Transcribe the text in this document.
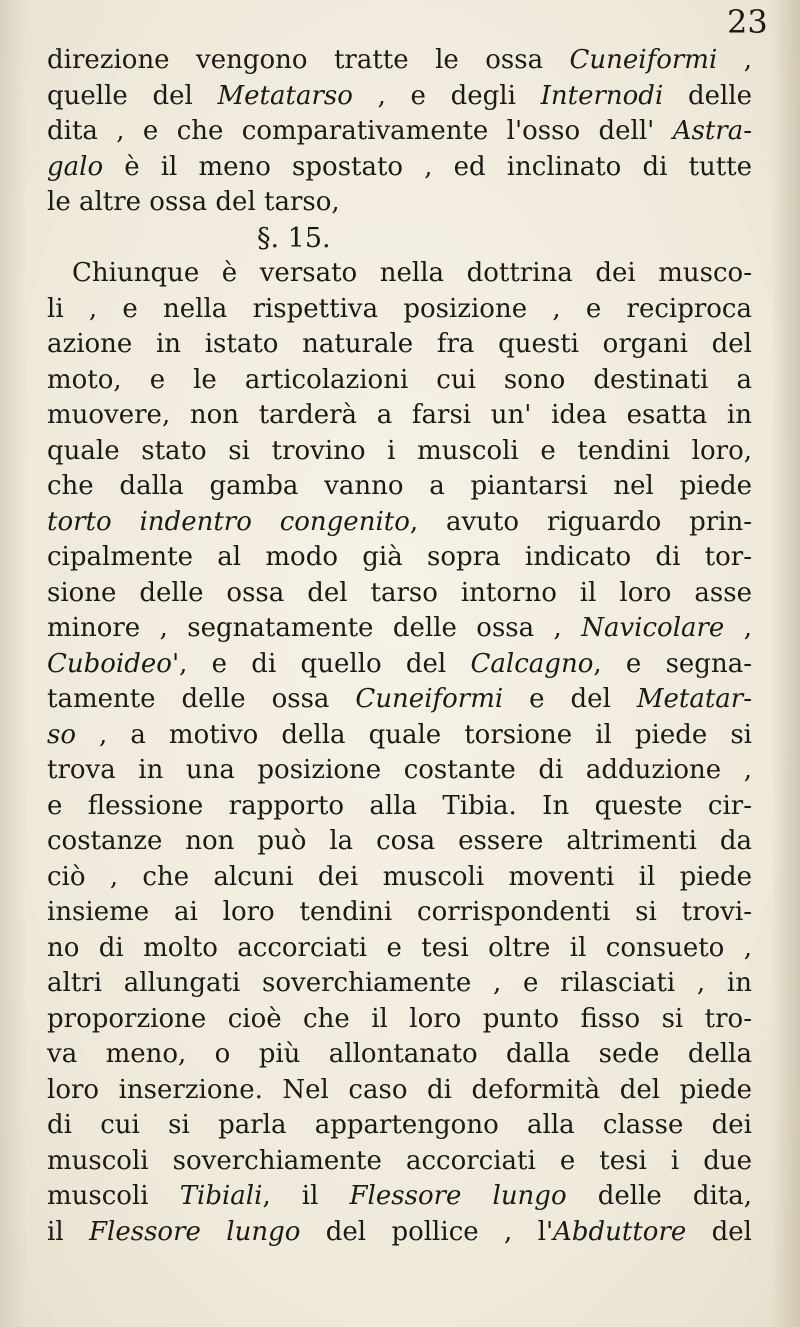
23
direzione vengono tratte le ossa Cuneiformi ,
quelle del Metatarso , e degli Internodi delle
dita , e che comparativamente l'osso dell' Astra-
galo è il meno spostato , ed inclinato di tutte
le altre ossa del tarso,
§. 15.
Chiunque è versato nella dottrina dei musco-
li , e nella rispettiva posizione , e reciproca
azione in istato naturale fra questi organi del
moto, e le articolazioni cui sono destinati a
muovere, non tarderà a farsi un' idea esatta in
quale stato si trovino i muscoli e tendini loro,
che dalla gamba vanno a piantarsi nel piede
torto indentro congenito, avuto riguardo prin-
cipalmente al modo già sopra indicato di tor-
sione delle ossa del tarso intorno il loro asse
minore , segnatamente delle ossa , Navicolare ,
Cuboideo', e di quello del Calcagno, e segna-
tamente delle ossa Cuneiformi e del Metatar-
so , a motivo della quale torsione il piede si
trova in una posizione costante di adduzione ,
e flessione rapporto alla Tibia. In queste cir-
costanze non può la cosa essere altrimenti da
ciò , che alcuni dei muscoli moventi il piede
insieme ai loro tendini corrispondenti si trovi-
no di molto accorciati e tesi oltre il consueto ,
altri allungati soverchiamente , e rilasciati , in
proporzione cioè che il loro punto fisso si tro-
va meno, o più allontanato dalla sede della
loro inserzione. Nel caso di deformità del piede
di cui si parla appartengono alla classe dei
muscoli soverchiamente accorciati e tesi i due
muscoli Tibiali, il Flessore lungo delle dita,
il Flessore lungo del pollice , l'Abduttore del
